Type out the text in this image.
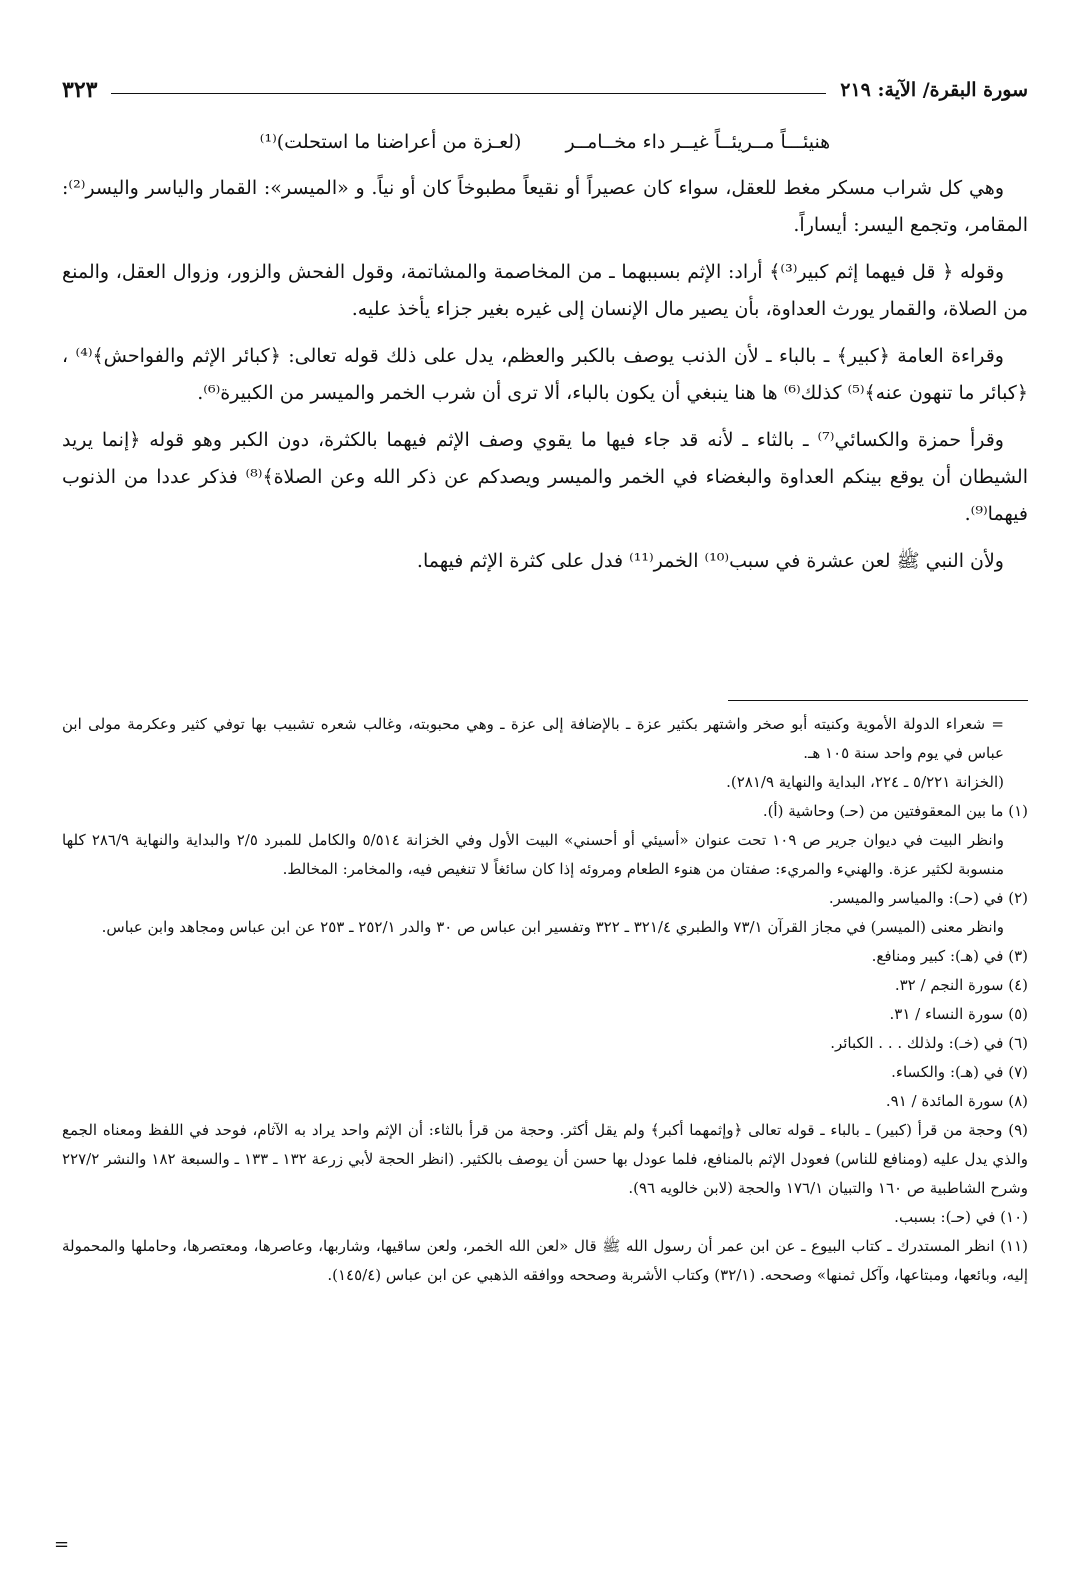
سورة البقرة/ الآية: ٢١٩
٣٢٣
هنيئـــاً مــريئــاً غيــر داء مخــامــر
(لعـزة من أعراضنا ما استحلت)⁽¹⁾

وهي كل شراب مسكر مغط للعقل، سواء كان عصيراً أو نقيعاً مطبوخاً كان أو نياً. و «الميسر»: القمار والياسر واليسر⁽²⁾: المقامر، وتجمع اليسر: أيساراً.

وقوله ﴿ قل فيهما إثم كبير⁽³⁾﴾ أراد: الإثم بسببهما ـ من المخاصمة والمشاتمة، وقول الفحش والزور، وزوال العقل، والمنع من الصلاة، والقمار يورث العداوة، بأن يصير مال الإنسان إلى غيره بغير جزاء يأخذ عليه.

وقراءة العامة ﴿كبير﴾ ـ بالباء ـ لأن الذنب يوصف بالكبر والعظم، يدل على ذلك قوله تعالى: ﴿كبائر الإثم والفواحش﴾⁽⁴⁾ ، ﴿كبائر ما تنهون عنه﴾⁽⁵⁾ كذلك⁽⁶⁾ ها هنا ينبغي أن يكون بالباء، ألا ترى أن شرب الخمر والميسر من الكبيرة⁽⁶⁾.

وقرأ حمزة والكسائي⁽⁷⁾ ـ بالثاء ـ لأنه قد جاء فيها ما يقوي وصف الإثم فيهما بالكثرة، دون الكبر وهو قوله ﴿إنما يريد الشيطان أن يوقع بينكم العداوة والبغضاء في الخمر والميسر ويصدكم عن ذكر الله وعن الصلاة﴾⁽⁸⁾ فذكر عددا من الذنوب فيهما⁽⁹⁾.

ولأن النبي ﷺ لعن عشرة في سبب⁽¹⁰⁾ الخمر⁽¹¹⁾ فدل على كثرة الإثم فيهما.

= شعراء الدولة الأموية وكنيته أبو صخر واشتهر بكثير عزة ـ بالإضافة إلى عزة ـ وهي محبوبته، وغالب شعره تشبيب بها توفي كثير وعكرمة مولى ابن عباس في يوم واحد سنة ١٠٥ هـ.

(الخزانة ٥/٢٢١ ـ ٢٢٤، البداية والنهاية ٢٨١/٩).

(١) ما بين المعقوفتين من (حـ) وحاشية (أ).

وانظر البيت في ديوان جرير ص ١٠٩ تحت عنوان «أسيئي أو أحسني» البيت الأول وفي الخزانة ٥/٥١٤ والكامل للمبرد ٢/٥ والبداية والنهاية ٢٨٦/٩ كلها منسوبة لكثير عزة. والهنيء والمريء: صفتان من هنوء الطعام ومروئه إذا كان سائغاً لا تنغيص فيه، والمخامر: المخالط.

(٢) في (حـ): والمياسر والميسر.

وانظر معنى (الميسر) في مجاز القرآن ٧٣/١ والطبري ٣٢١/٤ ـ ٣٢٢ وتفسير ابن عباس ص ٣٠ والدر ٢٥٢/١ ـ ٢٥٣ عن ابن عباس ومجاهد وابن عباس.

(٣) في (هـ): كبير ومنافع.

(٤) سورة النجم / ٣٢.

(٥) سورة النساء / ٣١.

(٦) في (خـ): ولذلك . . . الكبائر.

(٧) في (هـ): والكساء.

(٨) سورة المائدة / ٩١.

(٩) وحجة من قرأ (كبير) ـ بالباء ـ قوله تعالى ﴿وإثمهما أكبر﴾ ولم يقل أكثر. وحجة من قرأ بالثاء: أن الإثم واحد يراد به الآثام، فوحد في اللفظ ومعناه الجمع والذي يدل عليه (ومنافع للناس) فعودل الإثم بالمنافع، فلما عودل بها حسن أن يوصف بالكثير. (انظر الحجة لأبي زرعة ١٣٢ ـ ١٣٣ ـ والسبعة ١٨٢ والنشر ٢٢٧/٢ وشرح الشاطبية ص ١٦٠ والتبيان ١٧٦/١ والحجة (لابن خالويه ٩٦).

(١٠) في (حـ): بسبب.

(١١) انظر المستدرك ـ كتاب البيوع ـ عن ابن عمر أن رسول الله ﷺ قال «لعن الله الخمر، ولعن ساقيها، وشاربها، وعاصرها، ومعتصرها، وحاملها والمحمولة إليه، وبائعها، ومبتاعها، وآكل ثمنها» وصححه. (٣٢/١) وكتاب الأشربة وصححه ووافقه الذهبي عن ابن عباس (١٤٥/٤).

=
